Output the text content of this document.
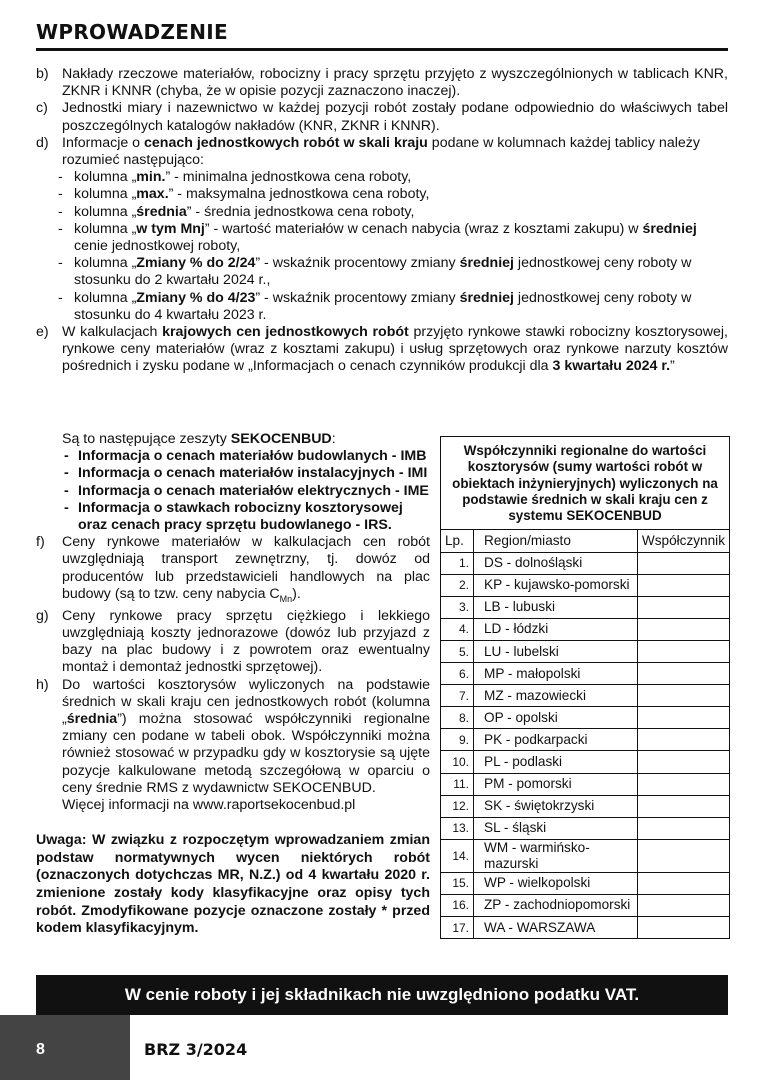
WPROWADZENIE
b) Nakłady rzeczowe materiałów, robocizny i pracy sprzętu przyjęto z wyszczególnionych w tablicach KNR, ZKNR i KNNR (chyba, że w opisie pozycji zaznaczono inaczej).
c) Jednostki miary i nazewnictwo w każdej pozycji robót zostały podane odpowiednio do właściwych tabel poszczególnych katalogów nakładów (KNR, ZKNR i KNNR).
d) Informacje o cenach jednostkowych robót w skali kraju podane w kolumnach każdej tablicy należy rozumieć następująco:
- kolumna „min.” - minimalna jednostkowa cena roboty,
- kolumna „max.” - maksymalna jednostkowa cena roboty,
- kolumna „średnia” - średnia jednostkowa cena roboty,
- kolumna „w tym Mnj” - wartość materiałów w cenach nabycia (wraz z kosztami zakupu) w średniej cenie jednostkowej roboty,
- kolumna „Zmiany % do 2/24” - wskaźnik procentowy zmiany średniej jednostkowej ceny roboty w stosunku do 2 kwartału 2024 r.,
- kolumna „Zmiany % do 4/23” - wskaźnik procentowy zmiany średniej jednostkowej ceny roboty w stosunku do 4 kwartału 2023 r.
e) W kalkulacjach krajowych cen jednostkowych robót przyjęto rynkowe stawki robocizny kosztorysowej, rynkowe ceny materiałów (wraz z kosztami zakupu) i usług sprzętowych oraz rynkowe narzuty kosztów pośrednich i zysku podane w „Informacjach o cenach czynników produkcji dla 3 kwartału 2024 r.”
Są to następujące zeszyty SEKOCENBUD:
- Informacja o cenach materiałów budowlanych - IMB
- Informacja o cenach materiałów instalacyjnych - IMI
- Informacja o cenach materiałów elektrycznych - IME
- Informacja o stawkach robocizny kosztorysowej
oraz cenach pracy sprzętu budowlanego - IRS.
f) Ceny rynkowe materiałów w kalkulacjach cen robót uwzględniają transport zewnętrzny, tj. dowóz od producentów lub przedstawicieli handlowych na plac budowy (są to tzw. ceny nabycia $C_{Mn}$).
g) Ceny rynkowe pracy sprzętu ciężkiego i lekkiego uwzględniają koszty jednorazowe (dowóz lub przyjazd z bazy na plac budowy i z powrotem oraz ewentualny montaż i demontaż jednostki sprzętowej).
h) Do wartości kosztorysów wyliczonych na podstawie średnich w skali kraju cen jednostkowych robót (kolumna „średnia”) można stosować współczynniki regionalne zmiany cen podane w tabeli obok. Współczynniki można również stosować w przypadku gdy w kosztorysie są ujęte pozycje kalkulowane metodą szczegółową w oparciu o ceny średnie RMS z wydawnictw SEKOCENBUD.
Więcej informacji na www.raportsekocenbud.pl
Uwaga: W związku z rozpoczętym wprowadzaniem zmian podstaw normatywnych wycen niektórych robót (oznaczonych dotychczas MR, N.Z.) od 4 kwartału 2020 r. zmienione zostały kody klasyfikacyjne oraz opisy tych robót. Zmodyfikowane pozycje oznaczone zostały * przed kodem klasyfikacyjnym.
Współczynniki regionalne do wartości kosztorysów (sumy wartości robót w obiektach inżynieryjnych) wyliczonych na podstawie średnich w skali kraju cen z systemu SEKOCENBUD
Lp.	Region/miasto	Współczynnik
1.	DS - dolnośląski	
2.	KP - kujawsko-pomorski	
3.	LB - lubuski	
4.	LD - łódzki	
5.	LU - lubelski	
6.	MP - małopolski	
7.	MZ - mazowiecki	
8.	OP - opolski	
9.	PK - podkarpacki	
10.	PL - podlaski	
11.	PM - pomorski	
12.	SK - świętokrzyski	
13.	SL - śląski	
14.	WM - warmińsko-mazurski	
15.	WP - wielkopolski	
16.	ZP - zachodniopomorski	
17.	WA - WARSZAWA	
W cenie roboty i jej składnikach nie uwzględniono podatku VAT.
8	BRZ 3/2024
